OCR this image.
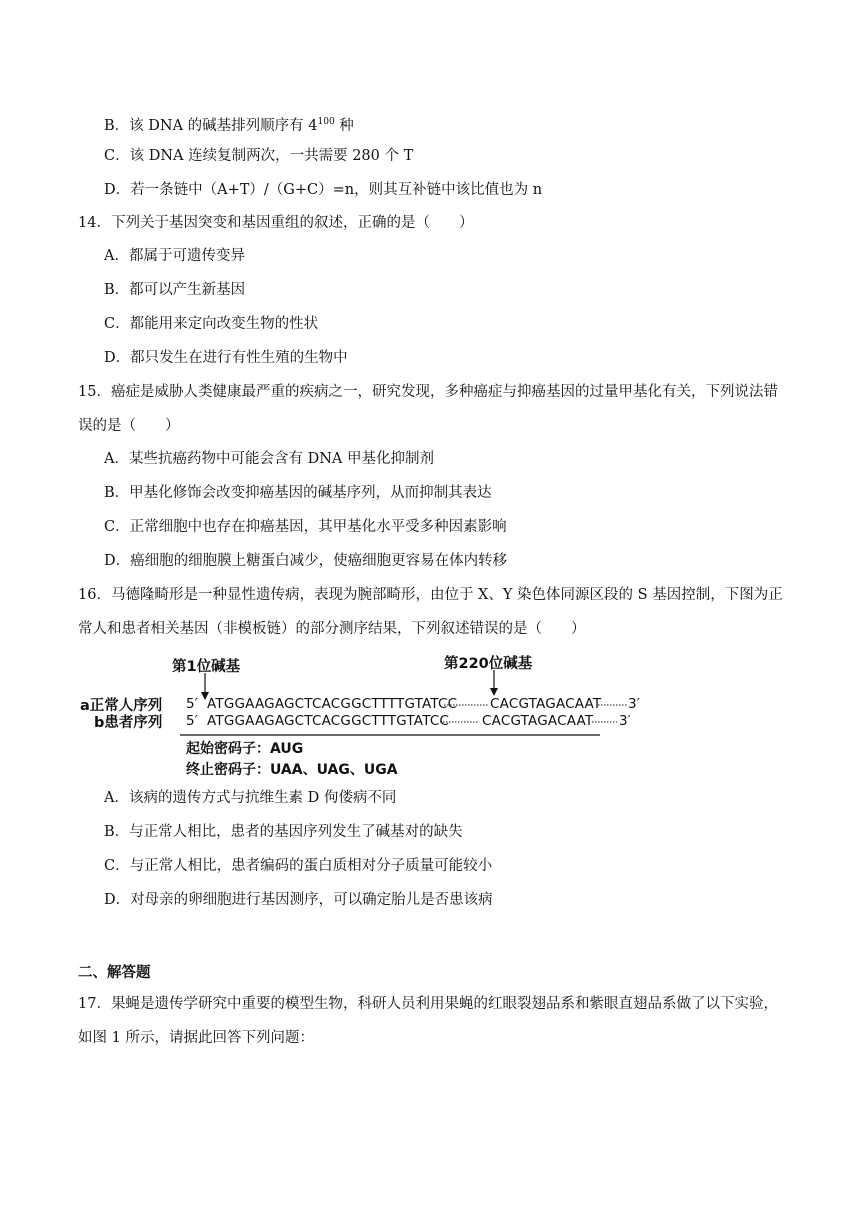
B．该 DNA 的碱基排列顺序有 $4^{100}$ 种
C．该 DNA 连续复制两次，一共需要 280 个 T
D．若一条链中（A+T）/（G+C）=n，则其互补链中该比值也为 n
14．下列关于基因突变和基因重组的叙述，正确的是（　　）
A．都属于可遗传变异
B．都可以产生新基因
C．都能用来定向改变生物的性状
D．都只发生在进行有性生殖的生物中
15．癌症是威胁人类健康最严重的疾病之一，研究发现，多种癌症与抑癌基因的过量甲基化有关，下列说法错误的是（　　）
A．某些抗癌药物中可能会含有 DNA 甲基化抑制剂
B．甲基化修饰会改变抑癌基因的碱基序列，从而抑制其表达
C．正常细胞中也存在抑癌基因，其甲基化水平受多种因素影响
D．癌细胞的细胞膜上糖蛋白减少，使癌细胞更容易在体内转移
16．马德隆畸形是一种显性遗传病，表现为腕部畸形，由位于 X、Y 染色体同源区段的 S 基因控制，下图为正常人和患者相关基因（非模板链）的部分测序结果，下列叙述错误的是（　　）
第1位碱基	第220位碱基
a正常人序列 5′ ATGGAAGAGCTCACGGCTTTTGTATCC CACGTAGACAAT 3′
b患者序列 5′ ATGGAAGAGCTCACGGCTTTGTATCC CACGTAGACAAT 3′
起始密码子：AUG
终止密码子：UAA、UAG、UGA
A．该病的遗传方式与抗维生素 D 佝偻病不同
B．与正常人相比，患者的基因序列发生了碱基对的缺失
C．与正常人相比，患者编码的蛋白质相对分子质量可能较小
D．对母亲的卵细胞进行基因测序，可以确定胎儿是否患该病
二、解答题
17．果蝇是遗传学研究中重要的模型生物，科研人员利用果蝇的红眼裂翅品系和紫眼直翅品系做了以下实验，如图 1 所示，请据此回答下列问题：
